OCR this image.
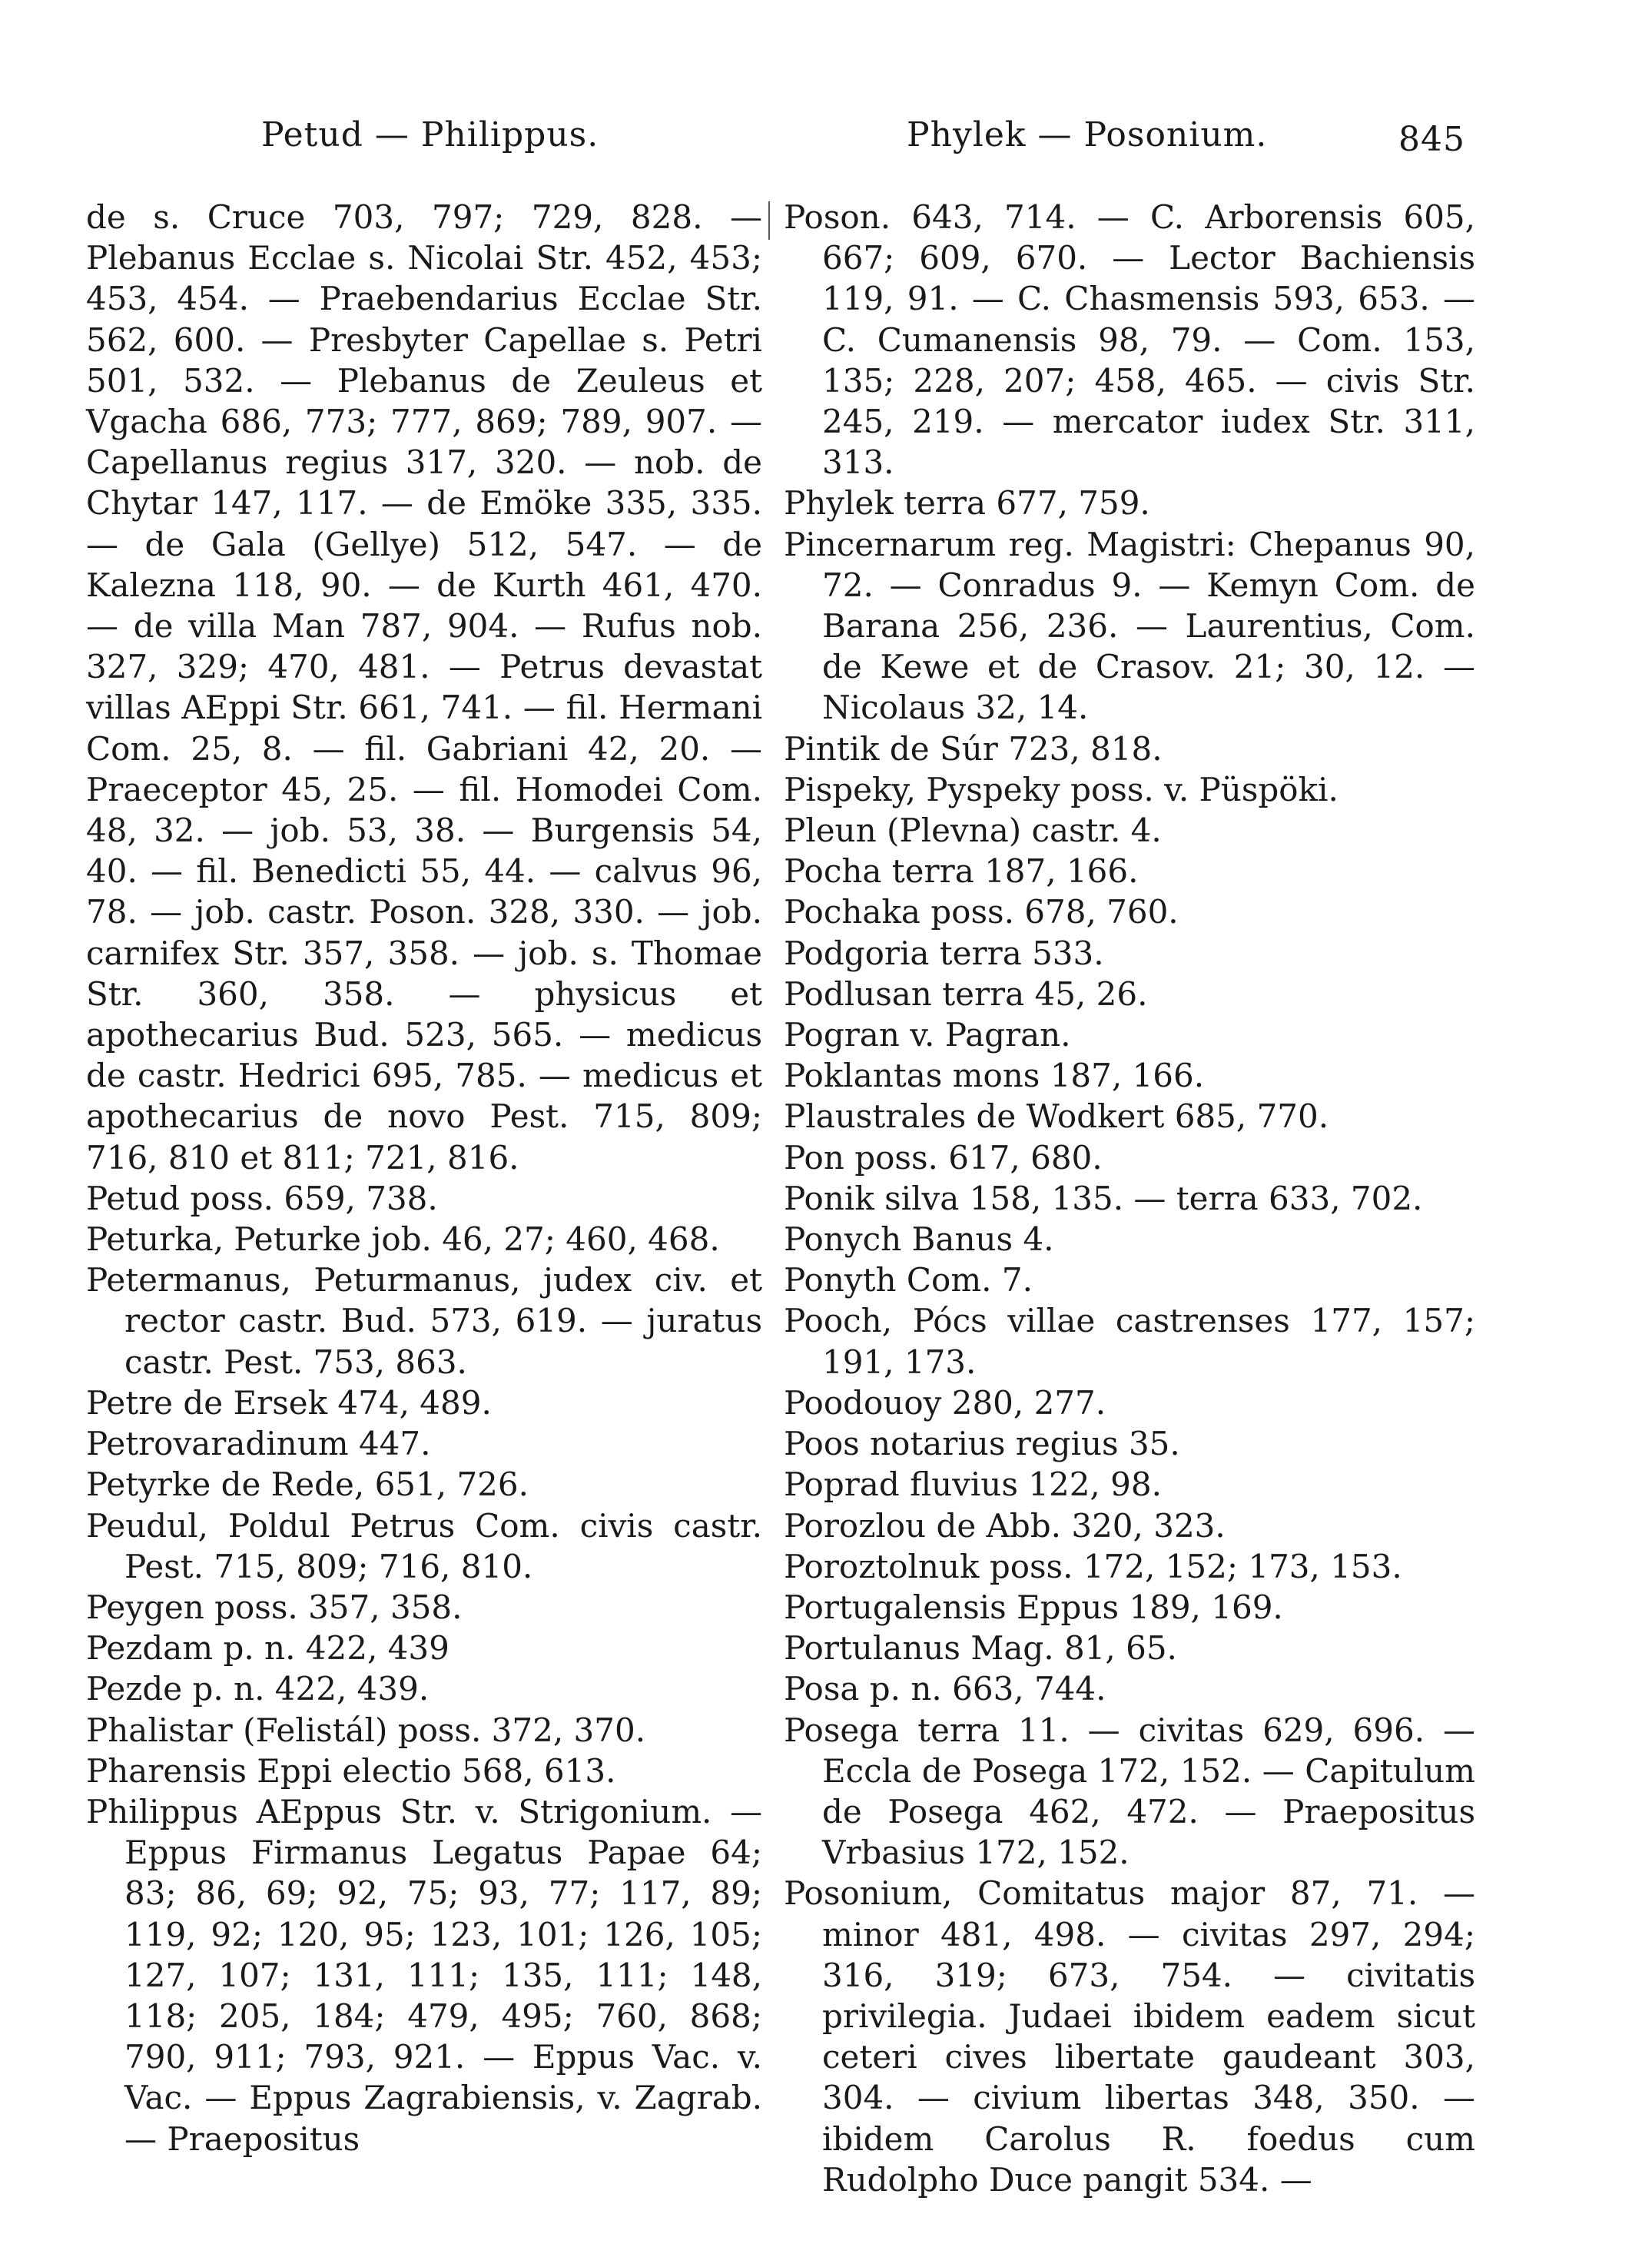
Petud — Philippus.	Phylek — Posonium.	845

de s. Cruce 703, 797; 729, 828. — Plebanus Ecclae s. Nicolai Str. 452, 453; 453, 454. — Praebendarius Ecclae Str. 562, 600. — Presbyter Capellae s. Petri 501, 532. — Plebanus de Zeuleus et Vgacha 686, 773; 777, 869; 789, 907. — Capellanus regius 317, 320. — nob. de Chytar 147, 117. — de Emöke 335, 335. — de Gala (Gellye) 512, 547. — de Kalezna 118, 90. — de Kurth 461, 470. — de villa Man 787, 904. — Rufus nob. 327, 329; 470, 481. — Petrus devastat villas AEppi Str. 661, 741. — fil. Hermani Com. 25, 8. — fil. Gabriani 42, 20. — Praeceptor 45, 25. — fil. Homodei Com. 48, 32. — job. 53, 38. — Burgensis 54, 40. — fil. Benedicti 55, 44. — calvus 96, 78. — job. castr. Poson. 328, 330. — job. carnifex Str. 357, 358. — job. s. Thomae Str. 360, 358. — physicus et apothecarius Bud. 523, 565. — medicus de castr. Hedrici 695, 785. — medicus et apothecarius de novo Pest. 715, 809; 716, 810 et 811; 721, 816.

Petud poss. 659, 738.

Peturka, Peturke job. 46, 27; 460, 468.

Petermanus, Peturmanus, judex civ. et rector castr. Bud. 573, 619. — juratus castr. Pest. 753, 863.

Petre de Ersek 474, 489.

Petrovaradinum 447.

Petyrke de Rede, 651, 726.

Peudul, Poldul Petrus Com. civis castr. Pest. 715, 809; 716, 810.

Peygen poss. 357, 358.

Pezdam p. n. 422, 439

Pezde p. n. 422, 439.

Phalistar (Felistál) poss. 372, 370.

Pharensis Eppi electio 568, 613.

Philippus AEppus Str. v. Strigonium. — Eppus Firmanus Legatus Papae 64; 83; 86, 69; 92, 75; 93, 77; 117, 89; 119, 92; 120, 95; 123, 101; 126, 105; 127, 107; 131, 111; 135, 111; 148, 118; 205, 184; 479, 495; 760, 868; 790, 911; 793, 921. — Eppus Vac. v. Vac. — Eppus Zagrabiensis, v. Zagrab. — Praepositus

Poson. 643, 714. — C. Arborensis 605, 667; 609, 670. — Lector Bachiensis 119, 91. — C. Chasmensis 593, 653. — C. Cumanensis 98, 79. — Com. 153, 135; 228, 207; 458, 465. — civis Str. 245, 219. — mercator iudex Str. 311, 313.

Phylek terra 677, 759.

Pincernarum reg. Magistri: Chepanus 90, 72. — Conradus 9. — Kemyn Com. de Barana 256, 236. — Laurentius, Com. de Kewe et de Crasov. 21; 30, 12. — Nicolaus 32, 14.

Pintik de Súr 723, 818.

Pispeky, Pyspeky poss. v. Püspöki.

Pleun (Plevna) castr. 4.

Pocha terra 187, 166.

Pochaka poss. 678, 760.

Podgoria terra 533.

Podlusan terra 45, 26.

Pogran v. Pagran.

Poklantas mons 187, 166.

Plaustrales de Wodkert 685, 770.

Pon poss. 617, 680.

Ponik silva 158, 135. — terra 633, 702.

Ponych Banus 4.

Ponyth Com. 7.

Pooch, Pócs villae castrenses 177, 157; 191, 173.

Poodouoy 280, 277.

Poos notarius regius 35.

Poprad fluvius 122, 98.

Porozlou de Abb. 320, 323.

Poroztolnuk poss. 172, 152; 173, 153.

Portugalensis Eppus 189, 169.

Portulanus Mag. 81, 65.

Posa p. n. 663, 744.

Posega terra 11. — civitas 629, 696. — Eccla de Posega 172, 152. — Capitulum de Posega 462, 472. — Praepositus Vrbasius 172, 152.

Posonium, Comitatus major 87, 71. — minor 481, 498. — civitas 297, 294; 316, 319; 673, 754. — civitatis privilegia. Judaei ibidem eadem sicut ceteri cives libertate gaudeant 303, 304. — civium libertas 348, 350. — ibidem Carolus R. foedus cum Rudolpho Duce pangit 534. —
